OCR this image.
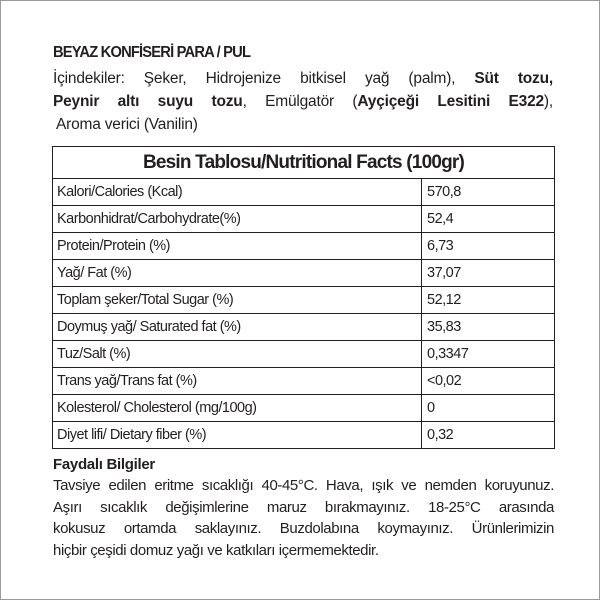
BEYAZ KONFİSERİ PARA / PUL
İçindekiler: Şeker, Hidrojenize bitkisel yağ (palm), Süt tozu,
Peynir altı suyu tozu, Emülgatör (Ayçiçeği Lesitini E322),
Aroma verici (Vanilin)
Besin Tablosu/Nutritional Facts (100gr)	
Kalori/Calories (Kcal)	570,8
Karbonhidrat/Carbohydrate(%)	52,4
Protein/Protein (%)	6,73
Yağ/ Fat (%)	37,07
Toplam şeker/Total Sugar (%)	52,12
Doymuş yağ/ Saturated fat (%)	35,83
Tuz/Salt (%)	0,3347
Trans yağ/Trans fat (%)	<0,02
Kolesterol/ Cholesterol (mg/100g)	0
Diyet lifi/ Dietary fiber (%)	0,32
Faydalı Bilgiler
Tavsiye edilen eritme sıcaklığı 40-45°C. Hava, ışık ve nemden koruyunuz.
Aşırı sıcaklık değişimlerine maruz bırakmayınız. 18-25°C arasında
kokusuz ortamda saklayınız. Buzdolabına koymayınız. Ürünlerimizin
hiçbir çeşidi domuz yağı ve katkıları içermemektedir.
